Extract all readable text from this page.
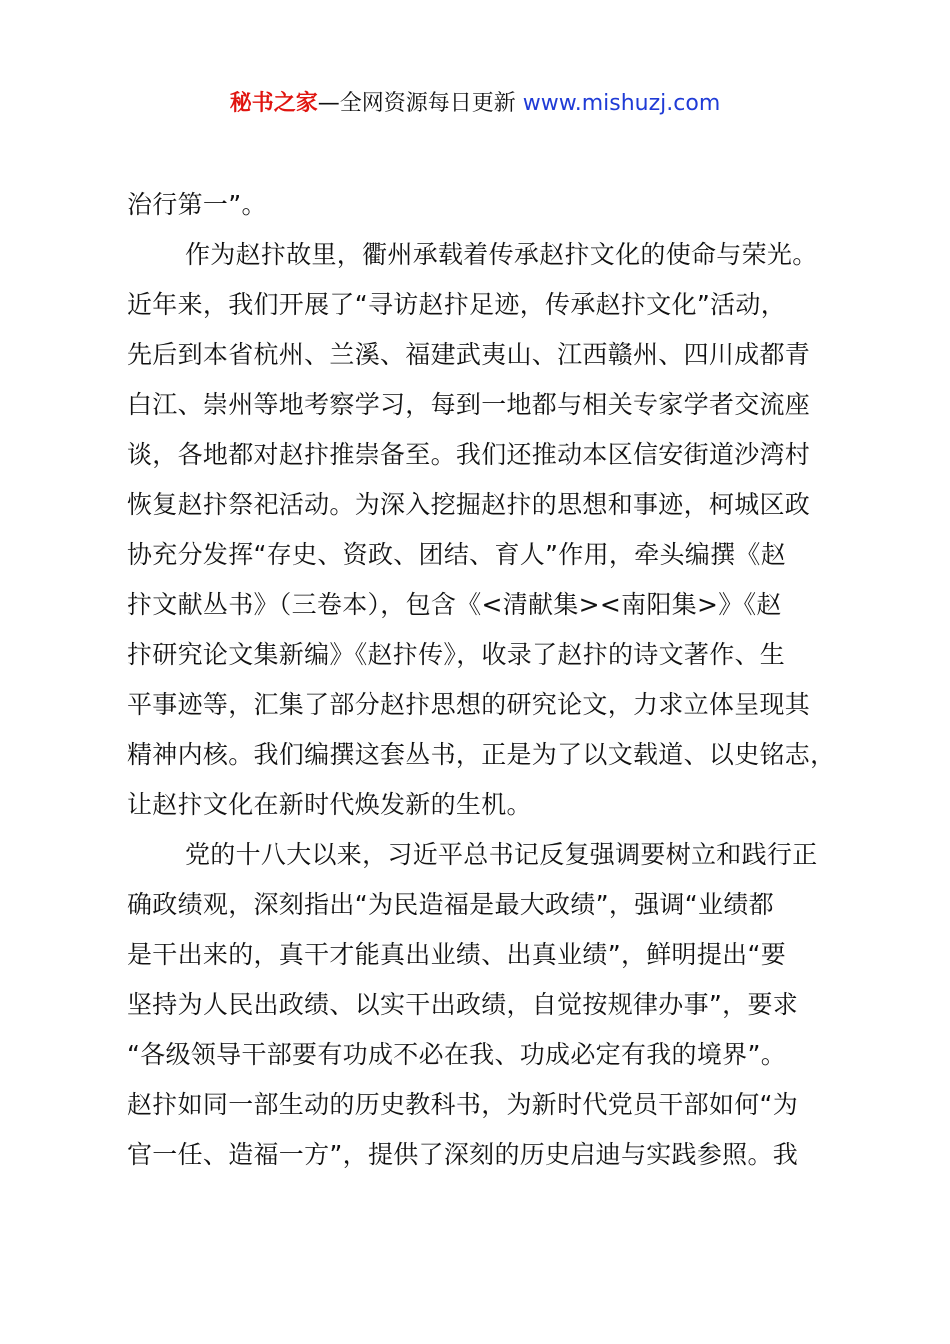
秘书之家—全网资源每日更新 www.mishuzj.com
治行第一”。
作为赵抃故里，衢州承载着传承赵抃文化的使命与荣光。
近年来，我们开展了“寻访赵抃足迹，传承赵抃文化”活动，
先后到本省杭州、兰溪、福建武夷山、江西赣州、四川成都青
白江、崇州等地考察学习，每到一地都与相关专家学者交流座
谈，各地都对赵抃推崇备至。我们还推动本区信安街道沙湾村
恢复赵抃祭祀活动。为深入挖掘赵抃的思想和事迹，柯城区政
协充分发挥“存史、资政、团结、育人”作用，牵头编撰《赵
抃文献丛书》（三卷本），包含《<清献集><南阳集>》《赵
抃研究论文集新编》《赵抃传》，收录了赵抃的诗文著作、生
平事迹等，汇集了部分赵抃思想的研究论文，力求立体呈现其
精神内核。我们编撰这套丛书，正是为了以文载道、以史铭志，
让赵抃文化在新时代焕发新的生机。
党的十八大以来，习近平总书记反复强调要树立和践行正
确政绩观，深刻指出“为民造福是最大政绩”，强调“业绩都
是干出来的，真干才能真出业绩、出真业绩”，鲜明提出“要
坚持为人民出政绩、以实干出政绩，自觉按规律办事”，要求
“各级领导干部要有功成不必在我、功成必定有我的境界”。
赵抃如同一部生动的历史教科书，为新时代党员干部如何“为
官一任、造福一方”，提供了深刻的历史启迪与实践参照。我
